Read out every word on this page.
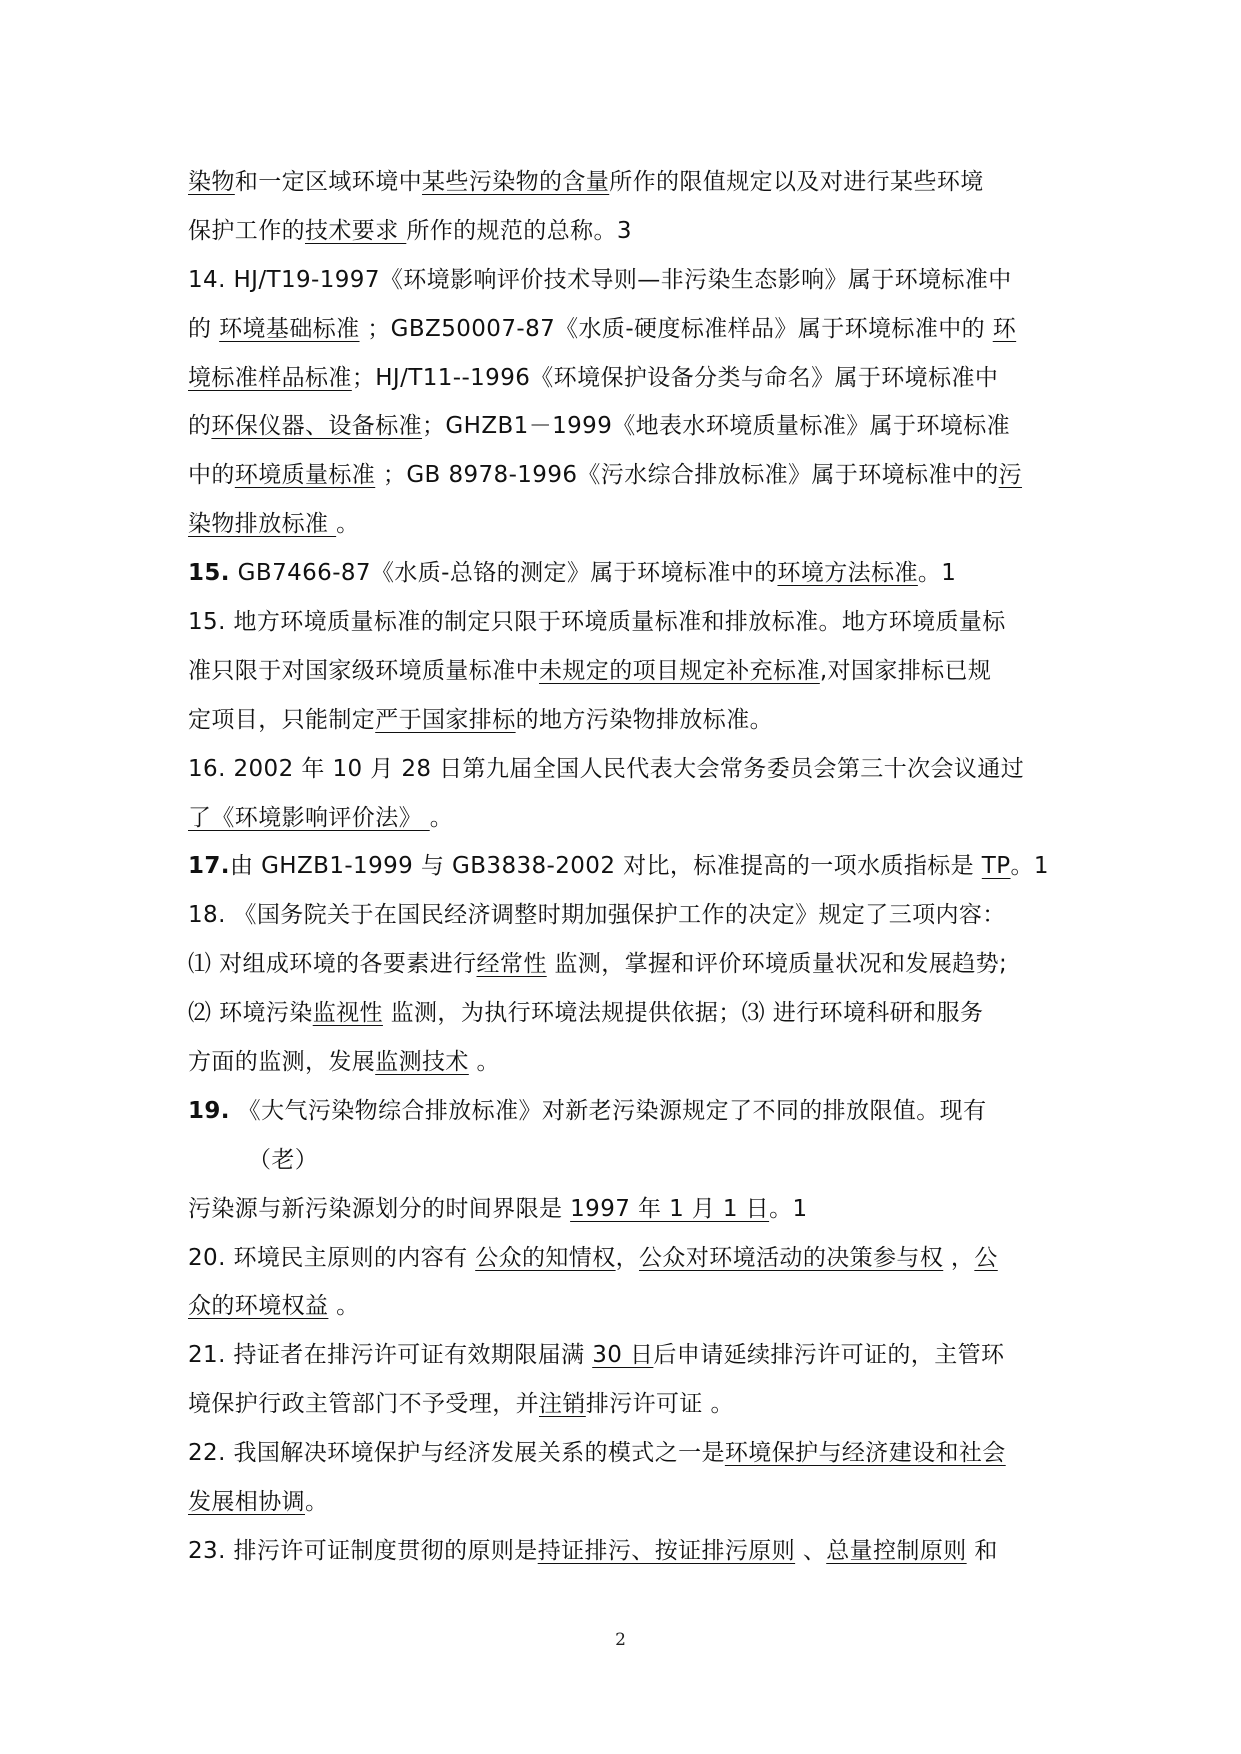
染物和一定区域环境中某些污染物的含量所作的限值规定以及对进行某些环境
保护工作的技术要求 所作的规范的总称。3
14. HJ/T19-1997《环境影响评价技术导则—非污染生态影响》属于环境标准中
的 环境基础标准 ；GBZ50007-87《水质-硬度标准样品》属于环境标准中的 环
境标准样品标准；HJ/T11--1996《环境保护设备分类与命名》属于环境标准中
的环保仪器、设备标准；GHZB1－1999《地表水环境质量标准》属于环境标准
中的环境质量标准 ；GB 8978-1996《污水综合排放标准》属于环境标准中的污
染物排放标准 。
15. GB7466-87《水质-总铬的测定》属于环境标准中的环境方法标准。1
15. 地方环境质量标准的制定只限于环境质量标准和排放标准。地方环境质量标
准只限于对国家级环境质量标准中未规定的项目规定补充标准,对国家排标已规
定项目，只能制定严于国家排标的地方污染物排放标准。
16. 2002 年 10 月 28 日第九届全国人民代表大会常务委员会第三十次会议通过
了《环境影响评价法》 。
17.由 GHZB1-1999 与 GB3838-2002 对比，标准提高的一项水质指标是 TP。1
18. 《国务院关于在国民经济调整时期加强保护工作的决定》规定了三项内容：
⑴ 对组成环境的各要素进行经常性 监测，掌握和评价环境质量状况和发展趋势;
⑵ 环境污染监视性 监测，为执行环境法规提供依据；⑶ 进行环境科研和服务
方面的监测，发展监测技术 。
19. 《大气污染物综合排放标准》对新老污染源规定了不同的排放限值。现有
（老）
污染源与新污染源划分的时间界限是 1997 年 1 月 1 日。1
20. 环境民主原则的内容有 公众的知情权，公众对环境活动的决策参与权 ，公
众的环境权益 。
21. 持证者在排污许可证有效期限届满 30 日后申请延续排污许可证的，主管环
境保护行政主管部门不予受理，并注销排污许可证 。
22. 我国解决环境保护与经济发展关系的模式之一是环境保护与经济建设和社会
发展相协调。
23. 排污许可证制度贯彻的原则是持证排污、按证排污原则 、总量控制原则 和
2
